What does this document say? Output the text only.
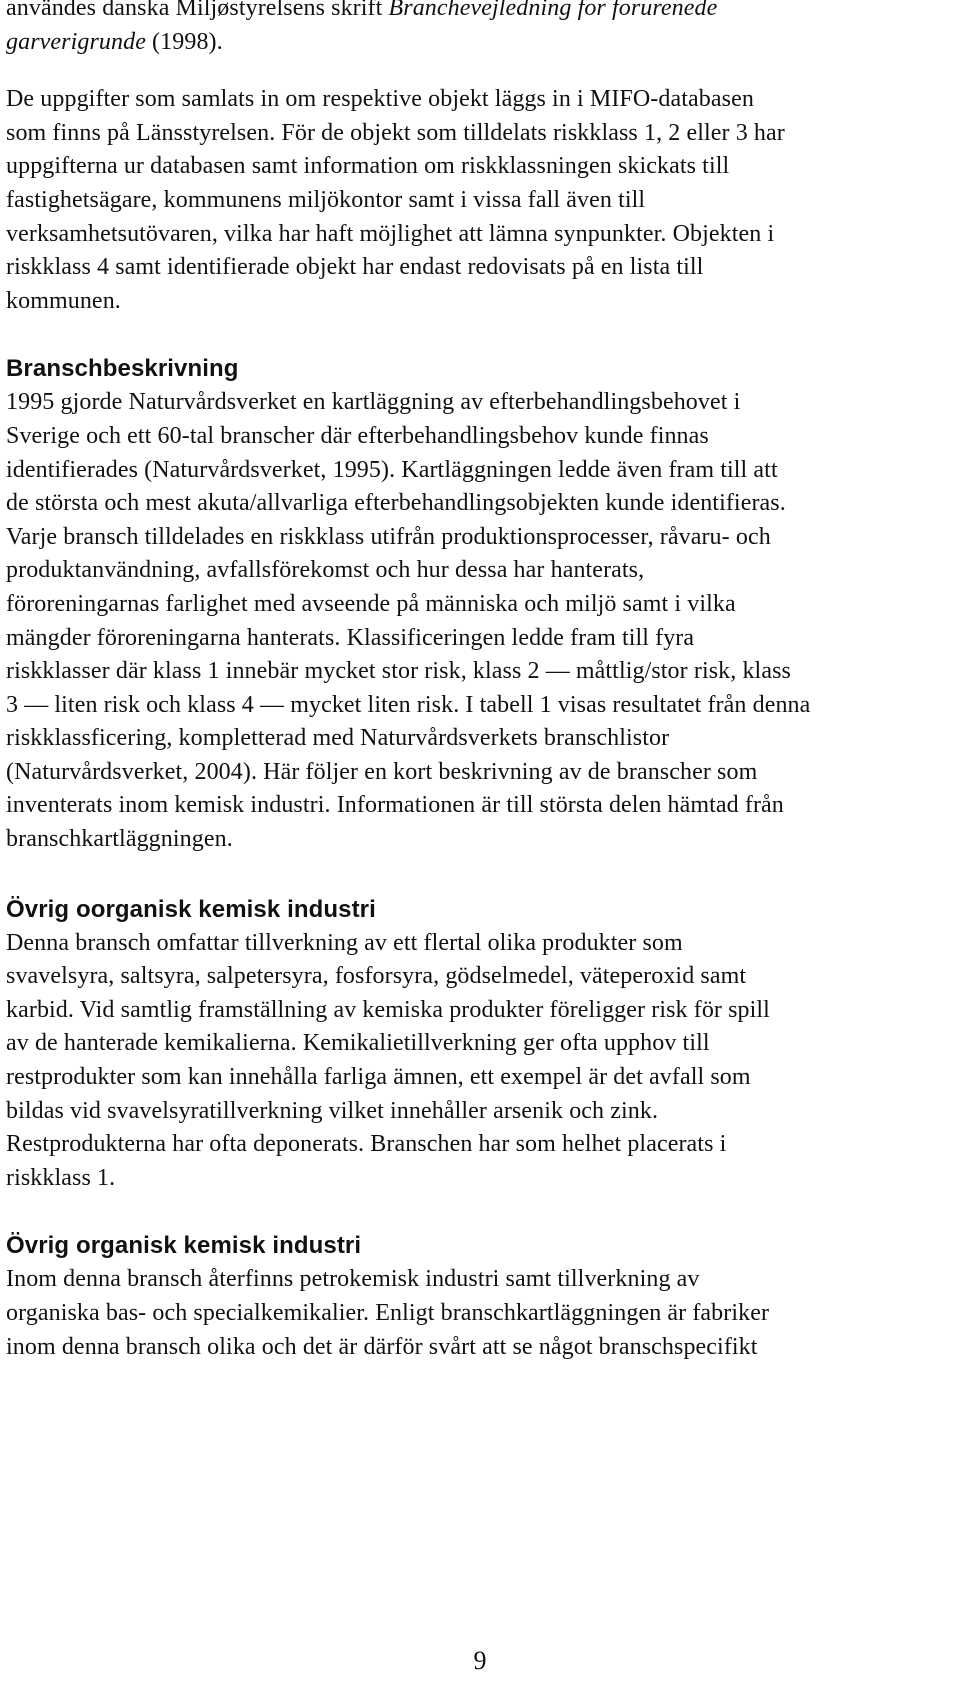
användes danska Miljøstyrelsens skrift Branchevejledning for forurenede
garverigrunde (1998).

De uppgifter som samlats in om respektive objekt läggs in i MIFO-databasen
som finns på Länsstyrelsen. För de objekt som tilldelats riskklass 1, 2 eller 3 har
uppgifterna ur databasen samt information om riskklassningen skickats till
fastighetsägare, kommunens miljökontor samt i vissa fall även till
verksamhetsutövaren, vilka har haft möjlighet att lämna synpunkter. Objekten i
riskklass 4 samt identifierade objekt har endast redovisats på en lista till
kommunen.

Branschbeskrivning

1995 gjorde Naturvårdsverket en kartläggning av efterbehandlingsbehovet i
Sverige och ett 60-tal branscher där efterbehandlingsbehov kunde finnas
identifierades (Naturvårdsverket, 1995). Kartläggningen ledde även fram till att
de största och mest akuta/allvarliga efterbehandlingsobjekten kunde identifieras.
Varje bransch tilldelades en riskklass utifrån produktionsprocesser, råvaru- och
produktanvändning, avfallsförekomst och hur dessa har hanterats,
föroreningarnas farlighet med avseende på människa och miljö samt i vilka
mängder föroreningarna hanterats. Klassificeringen ledde fram till fyra
riskklasser där klass 1 innebär mycket stor risk, klass 2 — måttlig/stor risk, klass
3 — liten risk och klass 4 — mycket liten risk. I tabell 1 visas resultatet från denna
riskklassficering, kompletterad med Naturvårdsverkets branschlistor
(Naturvårdsverket, 2004). Här följer en kort beskrivning av de branscher som
inventerats inom kemisk industri. Informationen är till största delen hämtad från
branschkartläggningen.

Övrig oorganisk kemisk industri

Denna bransch omfattar tillverkning av ett flertal olika produkter som
svavelsyra, saltsyra, salpetersyra, fosforsyra, gödselmedel, väteperoxid samt
karbid. Vid samtlig framställning av kemiska produkter föreligger risk för spill
av de hanterade kemikalierna. Kemikalietillverkning ger ofta upphov till
restprodukter som kan innehålla farliga ämnen, ett exempel är det avfall som
bildas vid svavelsyratillverkning vilket innehåller arsenik och zink.
Restprodukterna har ofta deponerats. Branschen har som helhet placerats i
riskklass 1.

Övrig organisk kemisk industri

Inom denna bransch återfinns petrokemisk industri samt tillverkning av
organiska bas- och specialkemikalier. Enligt branschkartläggningen är fabriker
inom denna bransch olika och det är därför svårt att se något branschspecifikt

9
